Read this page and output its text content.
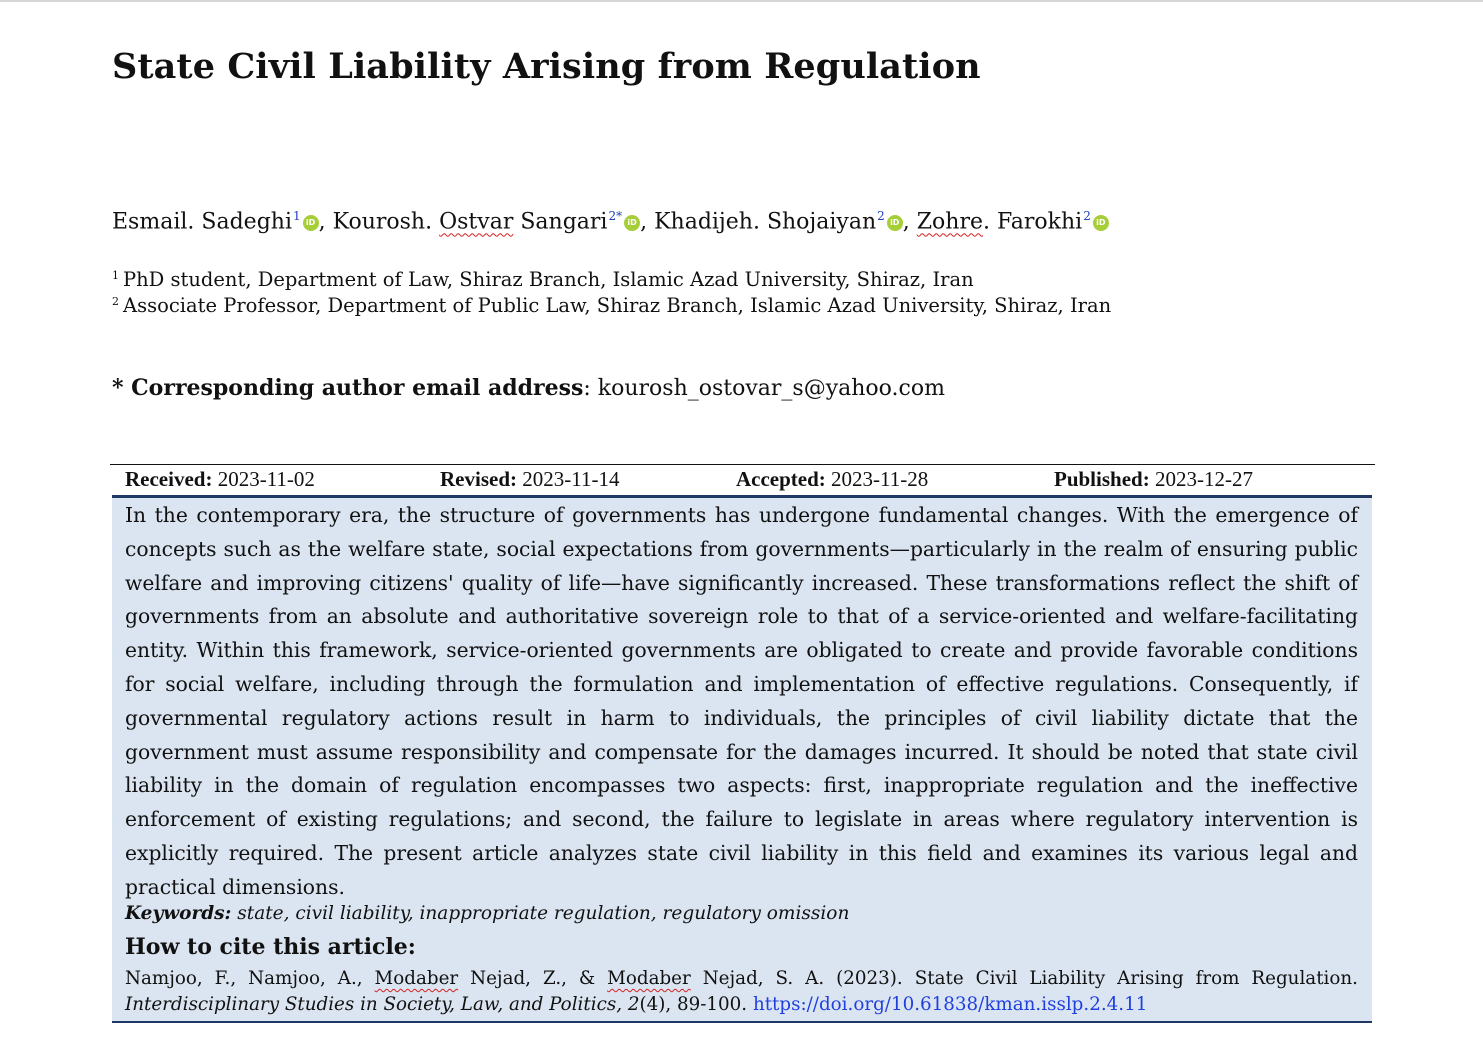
State Civil Liability Arising from Regulation
Esmail. Sadeghi$^1$ iD , Kourosh. Ostvar Sangari$^{2*}$ iD , Khadijeh. Shojaiyan$^2$ iD , Zohre. Farokhi$^2$ iD
$^1$ PhD student, Department of Law, Shiraz Branch, Islamic Azad University, Shiraz, Iran
$^2$ Associate Professor, Department of Public Law, Shiraz Branch, Islamic Azad University, Shiraz, Iran
* Corresponding author email address: kourosh_ostovar_s@yahoo.com
Received: 2023-11-02	Revised: 2023-11-14	Accepted: 2023-11-28	Published: 2023-12-27

In the contemporary era, the structure of governments has undergone fundamental changes. With the emergence of concepts such as the welfare state, social expectations from governments—particularly in the realm of ensuring public welfare and improving citizens' quality of life—have significantly increased. These transformations reflect the shift of governments from an absolute and authoritative sovereign role to that of a service-oriented and welfare-facilitating entity. Within this framework, service-oriented governments are obligated to create and provide favorable conditions for social welfare, including through the formulation and implementation of effective regulations. Consequently, if governmental regulatory actions result in harm to individuals, the principles of civil liability dictate that the government must assume responsibility and compensate for the damages incurred. It should be noted that state civil liability in the domain of regulation encompasses two aspects: first, inappropriate regulation and the ineffective enforcement of existing regulations; and second, the failure to legislate in areas where regulatory intervention is explicitly required. The present article analyzes state civil liability in this field and examines its various legal and practical dimensions.

Keywords: state, civil liability, inappropriate regulation, regulatory omission
How to cite this article:

Namjoo, F., Namjoo, A., Modaber Nejad, Z., & Modaber Nejad, S. A. (2023). State Civil Liability Arising from Regulation. Interdisciplinary Studies in Society, Law, and Politics, 2(4), 89-100. https://doi.org/10.61838/kman.isslp.2.4.11
